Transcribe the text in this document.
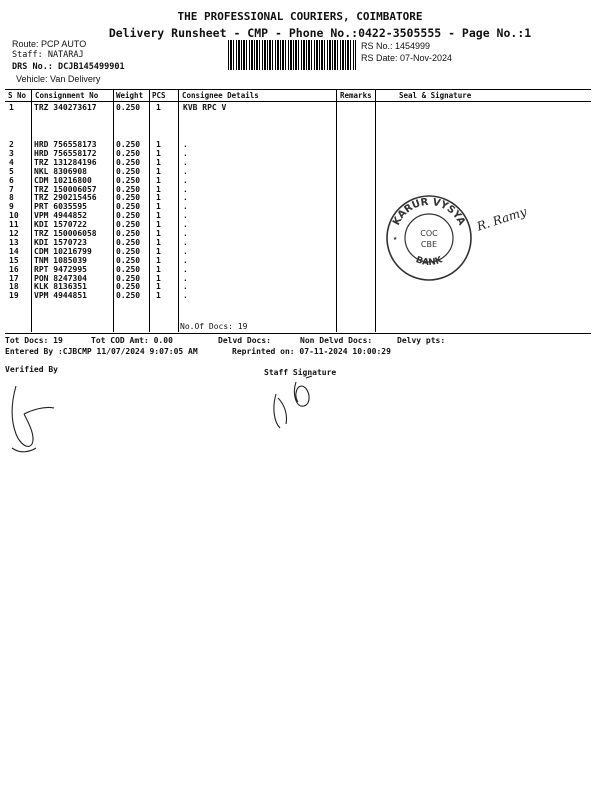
THE PROFESSIONAL COURIERS, COIMBATORE
Delivery Runsheet - CMP - Phone No.:0422-3505555 - Page No.:1
Route: PCP AUTO
Staff: NATARAJ
DRS No.: DCJB145499901
Vehicle: Van Delivery
RS No.: 1454999
RS Date: 07-Nov-2024
S No Consignment No Weight PCS Consignee Details	Remarks	Seal & Signature
1	TRZ 340273617 0.250 1	KVB RPC V
2	HRD 756558173 0.250 1	.
3	HRD 756558172 0.250 1	.
4	TRZ 131284196 0.250 1	.
5	NKL 8306908	0.250 1	.
6	CDM 10216800	0.250 1	.
7	TRZ 150006057 0.250 1	.
8	TRZ 290215456 0.250 1	.
9	PRT 6035595	0.250 1	.
10 VPM 4944852	0.250 1	.
11 KDI 1570722	0.250 1	.
12 TRZ 150006058 0.250 1	.
13 KDI 1570723	0.250 1	.
14 CDM 10216799	0.250 1	.
15 TNM 1085039	0.250 1	.
16 RPT 9472995	0.250 1	.
17 PON 8247304	0.250 1	.
18 KLK 8136351	0.250 1	.
19 VPM 4944851	0.250 1	.
No.Of Docs: 19
KARUR VYSYA
BANK
COC
CBE
★
R. Ramy
Tot Docs: 19	Tot COD Amt: 0.00	Delvd Docs:	Non Delvd Docs:	Delvy pts:
Entered By :CJBCMP 11/07/2024 9:07:05 AM	Reprinted on: 07-11-2024 10:00:29
Verified By	Staff Signature
